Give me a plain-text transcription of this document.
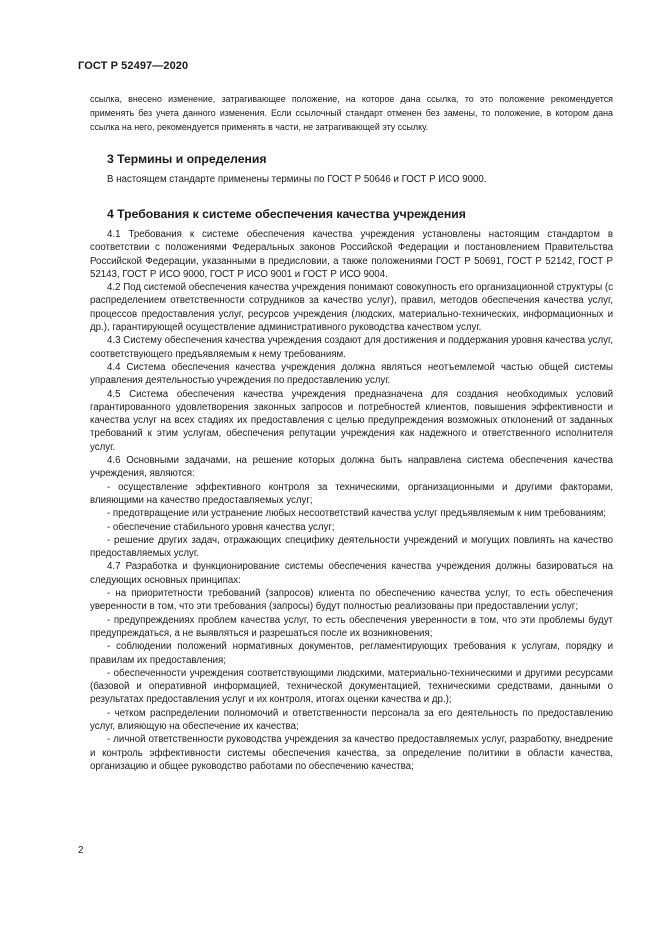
ГОСТ Р 52497—2020
ссылка, внесено изменение, затрагивающее положение, на которое дана ссылка, то это положение рекомендуется применять без учета данного изменения. Если ссылочный стандарт отменен без замены, то положение, в котором дана ссылка на него, рекомендуется применять в части, не затрагивающей эту ссылку.
3 Термины и определения

В настоящем стандарте применены термины по ГОСТ Р 50646 и ГОСТ Р ИСО 9000.

4 Требования к системе обеспечения качества учреждения

4.1 Требования к системе обеспечения качества учреждения установлены настоящим стандартом в соответствии с положениями Федеральных законов Российской Федерации и постановлением Правительства Российской Федерации, указанными в предисловии, а также положениями ГОСТ Р 50691, ГОСТ Р 52142, ГОСТ Р 52143, ГОСТ Р ИСО 9000, ГОСТ Р ИСО 9001 и ГОСТ Р ИСО 9004.

4.2 Под системой обеспечения качества учреждения понимают совокупность его организационной структуры (с распределением ответственности сотрудников за качество услуг), правил, методов обеспечения качества услуг, процессов предоставления услуг, ресурсов учреждения (людских, материально-технических, информационных и др.), гарантирующей осуществление административного руководства качеством услуг.

4.3 Систему обеспечения качества учреждения создают для достижения и поддержания уровня качества услуг, соответствующего предъявляемым к нему требованиям.

4.4 Система обеспечения качества учреждения должна являться неотъемлемой частью общей системы управления деятельностью учреждения по предоставлению услуг.

4.5 Система обеспечения качества учреждения предназначена для создания необходимых условий гарантированного удовлетворения законных запросов и потребностей клиентов, повышения эффективности и качества услуг на всех стадиях их предоставления с целью предупреждения возможных отклонений от заданных требований к этим услугам, обеспечения репутации учреждения как надежного и ответственного исполнителя услуг.

4.6 Основными задачами, на решение которых должна быть направлена система обеспечения качества учреждения, являются:

- осуществление эффективного контроля за техническими, организационными и другими факторами, влияющими на качество предоставляемых услуг;

- предотвращение или устранение любых несоответствий качества услуг предъявляемым к ним требованиям;

- обеспечение стабильного уровня качества услуг;

- решение других задач, отражающих специфику деятельности учреждений и могущих повлиять на качество предоставляемых услуг.

4.7 Разработка и функционирование системы обеспечения качества учреждения должны базироваться на следующих основных принципах:

- на приоритетности требований (запросов) клиента по обеспечению качества услуг, то есть обеспечения уверенности в том, что эти требования (запросы) будут полностью реализованы при предоставлении услуг;

- предупреждениях проблем качества услуг, то есть обеспечения уверенности в том, что эти проблемы будут предупреждаться, а не выявляться и разрешаться после их возникновения;

- соблюдении положений нормативных документов, регламентирующих требования к услугам, порядку и правилам их предоставления;

- обеспеченности учреждения соответствующими людскими, материально-техническими и другими ресурсами (базовой и оперативной информацией, технической документацией, техническими средствами, данными о результатах предоставления услуг и их контроля, итогах оценки качества и др.);

- четком распределении полномочий и ответственности персонала за его деятельность по предоставлению услуг, влияющую на обеспечение их качества;

- личной ответственности руководства учреждения за качество предоставляемых услуг, разработку, внедрение и контроль эффективности системы обеспечения качества, за определение политики в области качества, организацию и общее руководство работами по обеспечению качества;

2
